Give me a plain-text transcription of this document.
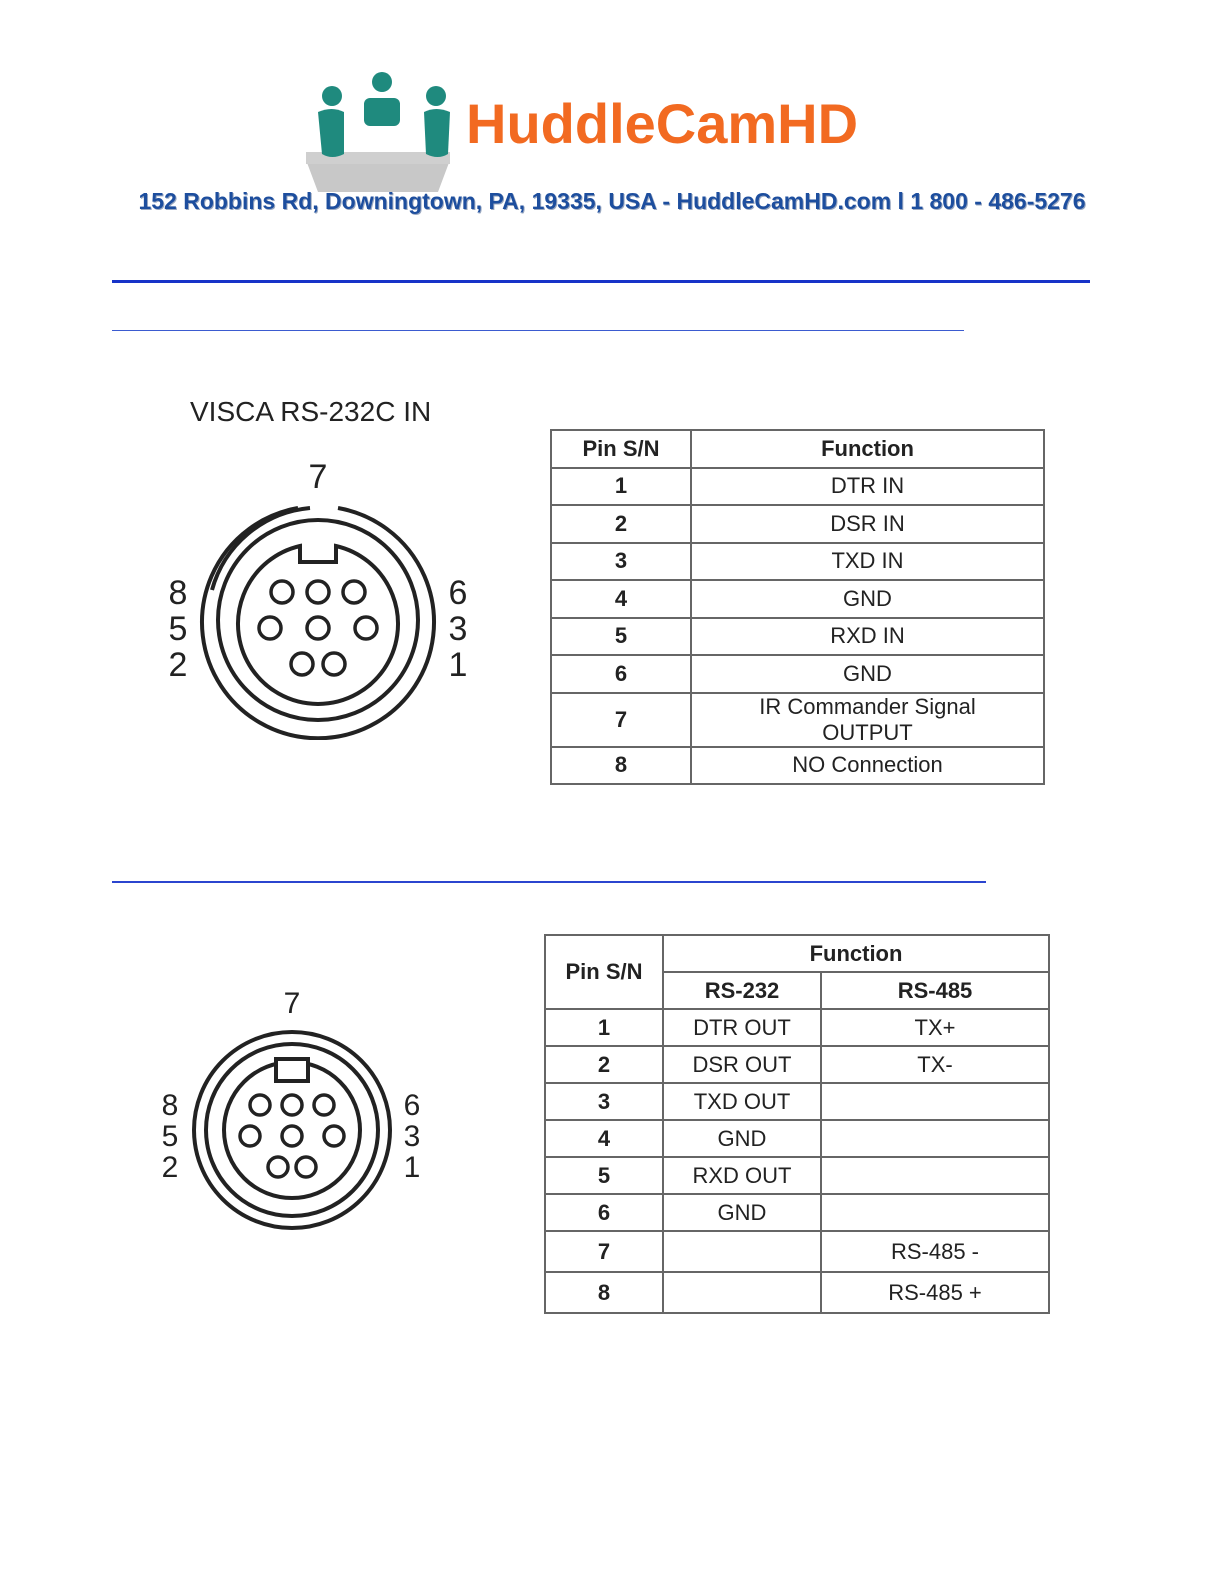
HuddleCamHD
152 Robbins Rd, Downingtown, PA, 19335, USA - HuddleCamHD.com l 1 800 - 486-5276
VISCA RS-232C IN
7
8
5
2
6
3
1
Pin S/N	Function
1	DTR IN
2	DSR IN
3	TXD IN
4	GND
5	RXD IN
6	GND
7	IR Commander Signal
OUTPUT

8	NO Connection
7
8
5
2
6
3
1
Pin S/N	Function	
	RS-232	RS-485
1	DTR OUT	TX+
2	DSR OUT	TX-
3	TXD OUT	
4	GND	
5	RXD OUT	
6	GND	
7		RS-485 -
8		RS-485 +
